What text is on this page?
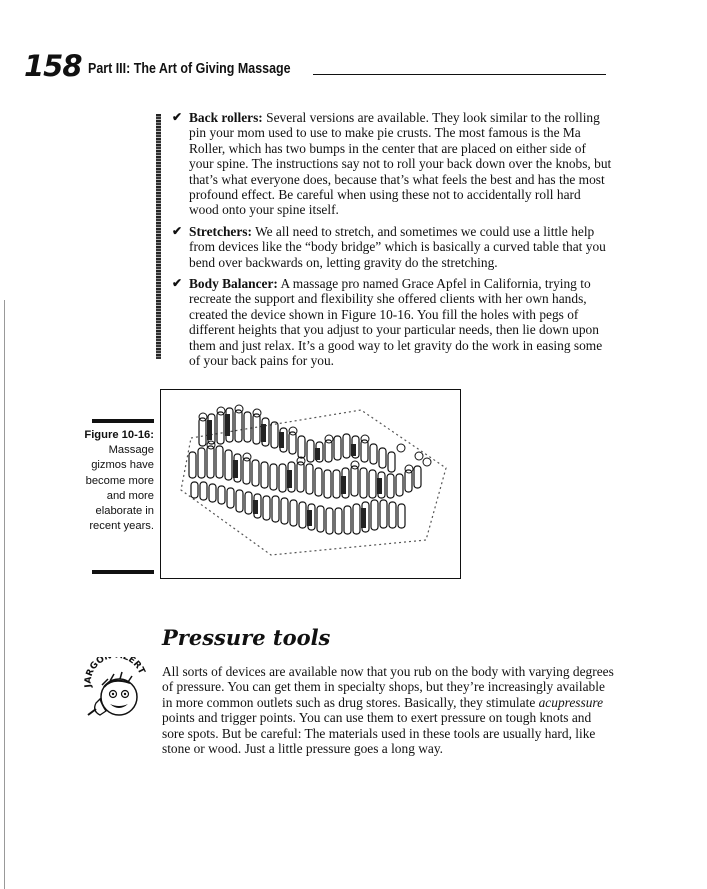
158 Part III: The Art of Giving Massage
✔ Back rollers: Several versions are available. They look similar to the rolling pin your mom used to use to make pie crusts. The most famous is the Ma Roller, which has two bumps in the center that are placed on either side of your spine. The instructions say not to roll your back down over the knobs, but that’s what everyone does, because that’s what feels the best and has the most profound effect. Be careful when using these not to accidentally roll hard wood onto your spine itself.
✔ Stretchers: We all need to stretch, and sometimes we could use a little help from devices like the “body bridge” which is basically a curved table that you bend over backwards on, letting gravity do the stretching.
✔ Body Balancer: A massage pro named Grace Apfel in California, trying to recreate the support and flexibility she offered clients with her own hands, created the device shown in Figure 10-16. You fill the holes with pegs of different heights that you adjust to your particular needs, then lie down upon them and just relax. It’s a good way to let gravity do the work in easing some of your back pains for you.
Figure 10-16:
Massage gizmos have become more and more elaborate in recent years.
Pressure tools
JARGO LERT All sorts of devices are available now that you rub on the body with varying degrees of pressure. You can get them in specialty shops, but they’re increasingly available in more common outlets such as drug stores. Basically, they stimulate acupressure points and trigger points. You can use them to exert pressure on tough knots and sore spots. But be careful: The materials used in these tools are usually hard, like stone or wood. Just a little pressure goes a long way.
